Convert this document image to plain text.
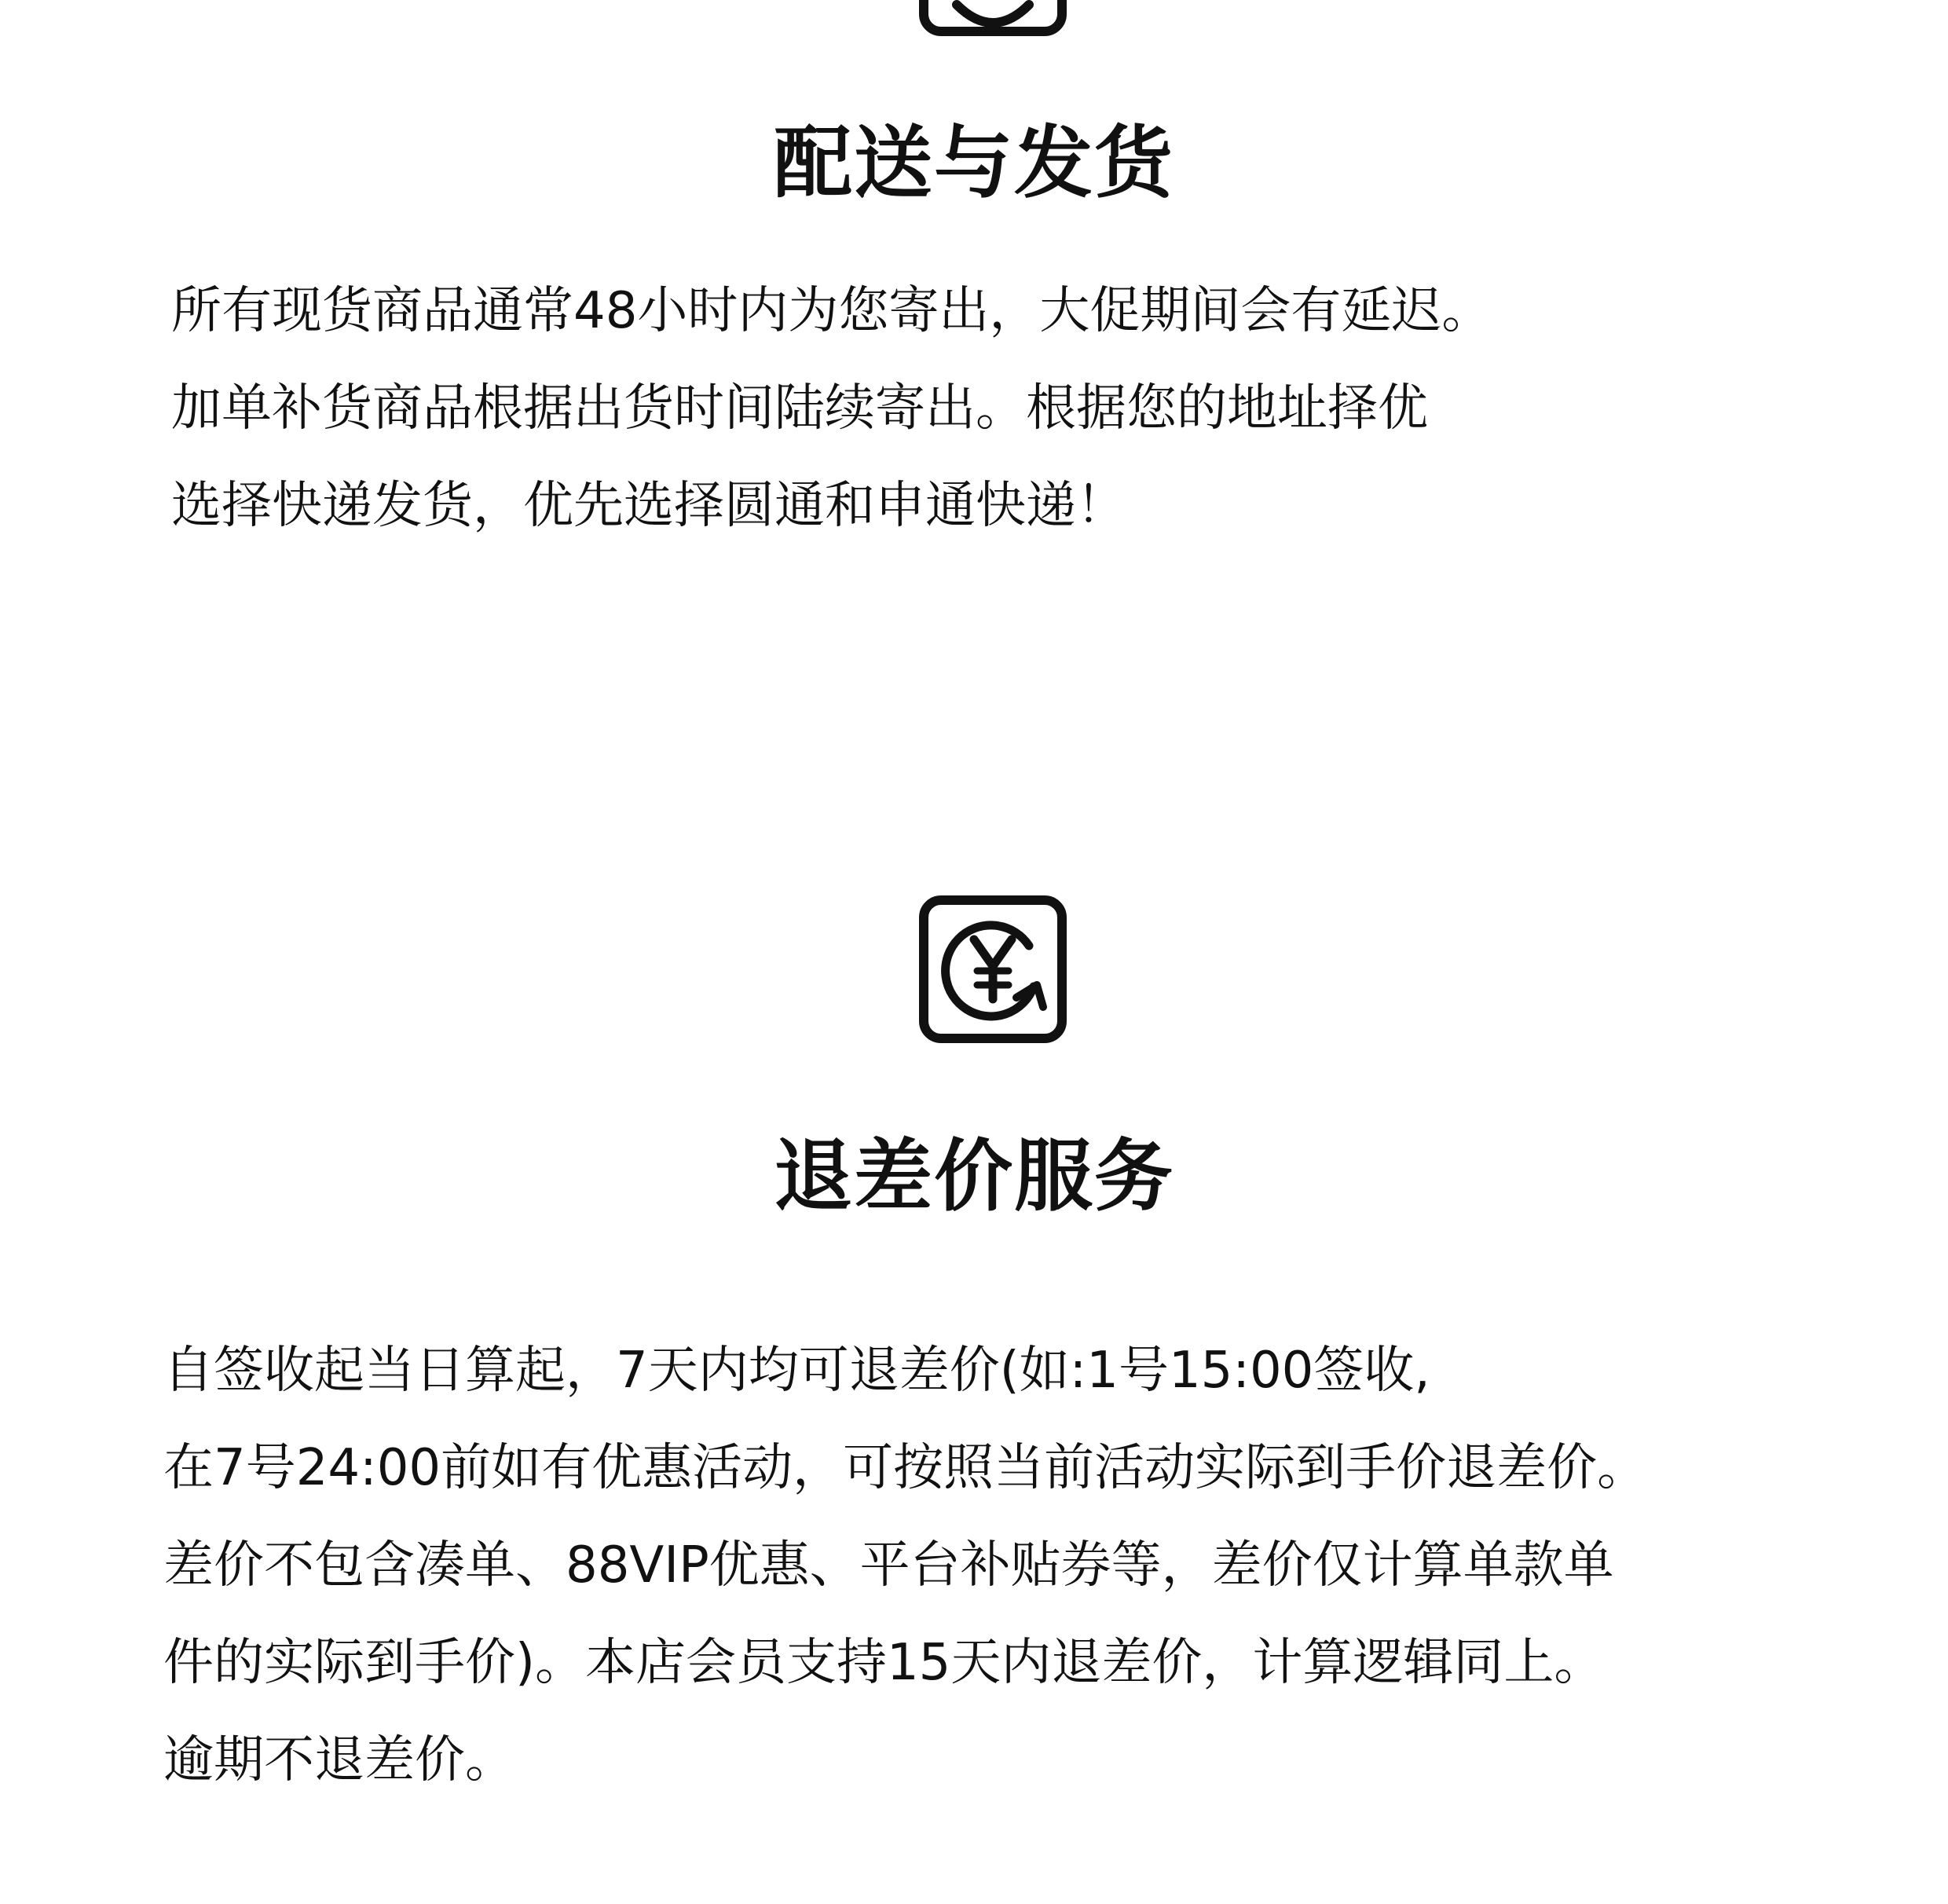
配送与发货

所有现货商品通常48小时内为您寄出，大促期间会有延迟。
加单补货商品根据出货时间陆续寄出。根据您的地址择优
选择快递发货，优先选择圆通和申通快递！

退差价服务

自签收起当日算起，7天内均可退差价(如:1号15:00签收,
在7号24:00前如有优惠活动，可按照当前活动实际到手价退差价。
差价不包含凑单、88VIP优惠、平台补贴券等，差价仅计算单款单
件的实际到手价)。本店会员支持15天内退差价，计算逻辑同上。
逾期不退差价。
